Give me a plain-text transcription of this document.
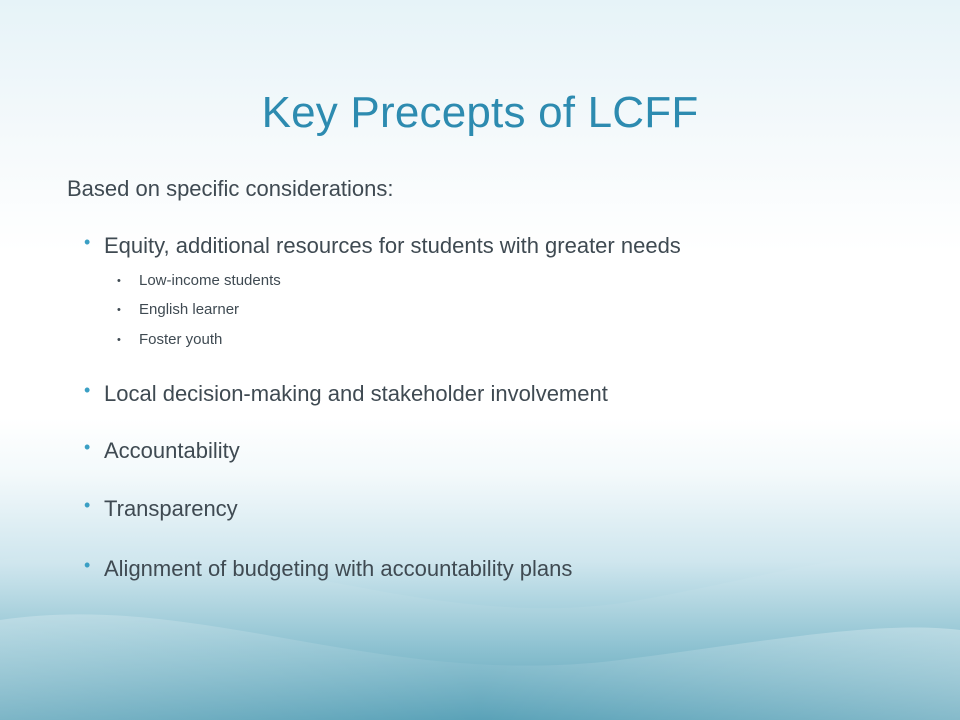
Key Precepts of LCFF
Based on specific considerations:
• Equity, additional resources for students with greater needs
• Low-income students
• English learner
• Foster youth
• Local decision-making and stakeholder involvement
• Accountability
• Transparency
• Alignment of budgeting with accountability plans
